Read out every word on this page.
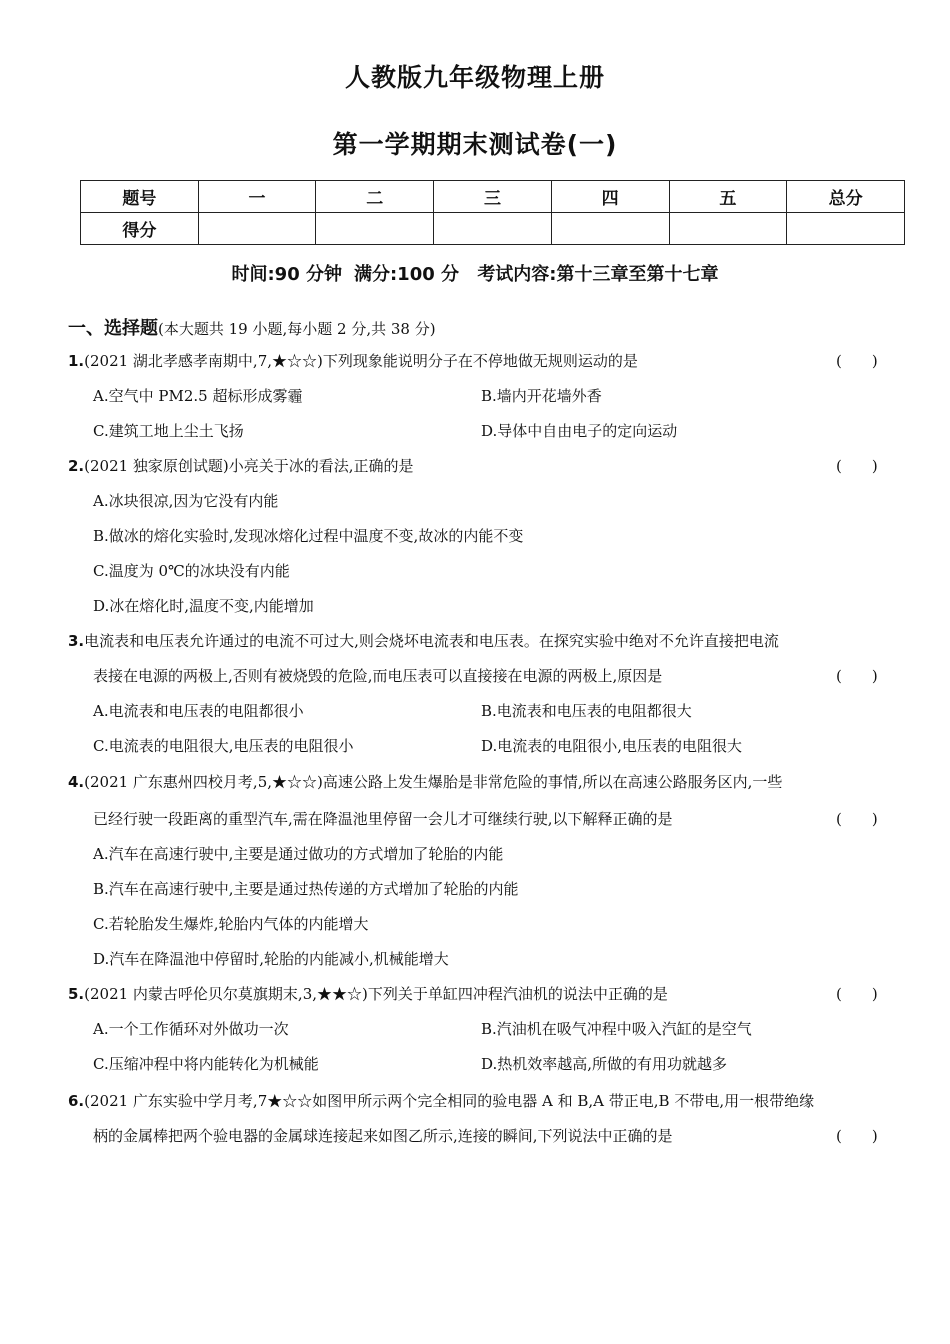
人教版九年级物理上册
第一学期期末测试卷(一)
题号	一	二	三	四	五	总分
得分						
时间:90 分钟 满分:100 分 考试内容:第十三章至第十七章
一、选择题(本大题共 19 小题,每小题 2 分,共 38 分)
1.(2021 湖北孝感孝南期中,7,★☆☆)下列现象能说明分子在不停地做无规则运动的是	(　　)
A.空气中 PM2.5 超标形成雾霾	B.墙内开花墙外香
C.建筑工地上尘土飞扬	D.导体中自由电子的定向运动
2.(2021 独家原创试题)小亮关于冰的看法,正确的是	(　　)
A.冰块很凉,因为它没有内能
B.做冰的熔化实验时,发现冰熔化过程中温度不变,故冰的内能不变
C.温度为 0℃的冰块没有内能
D.冰在熔化时,温度不变,内能增加
3.电流表和电压表允许通过的电流不可过大,则会烧坏电流表和电压表。在探究实验中绝对不允许直接把电流
表接在电源的两极上,否则有被烧毁的危险,而电压表可以直接接在电源的两极上,原因是	(　　)
A.电流表和电压表的电阻都很小	B.电流表和电压表的电阻都很大
C.电流表的电阻很大,电压表的电阻很小	D.电流表的电阻很小,电压表的电阻很大
4.(2021 广东惠州四校月考,5,★☆☆)高速公路上发生爆胎是非常危险的事情,所以在高速公路服务区内,一些
已经行驶一段距离的重型汽车,需在降温池里停留一会儿才可继续行驶,以下解释正确的是	(　　)
A.汽车在高速行驶中,主要是通过做功的方式增加了轮胎的内能
B.汽车在高速行驶中,主要是通过热传递的方式增加了轮胎的内能
C.若轮胎发生爆炸,轮胎内气体的内能增大
D.汽车在降温池中停留时,轮胎的内能减小,机械能增大
5.(2021 内蒙古呼伦贝尔莫旗期末,3,★★☆)下列关于单缸四冲程汽油机的说法中正确的是	(　　)
A.一个工作循环对外做功一次	B.汽油机在吸气冲程中吸入汽缸的是空气
C.压缩冲程中将内能转化为机械能	D.热机效率越高,所做的有用功就越多
6.(2021 广东实验中学月考,7★☆☆如图甲所示两个完全相同的验电器 A 和 B,A 带正电,B 不带电,用一根带绝缘
柄的金属棒把两个验电器的金属球连接起来如图乙所示,连接的瞬间,下列说法中正确的是	(　　)
